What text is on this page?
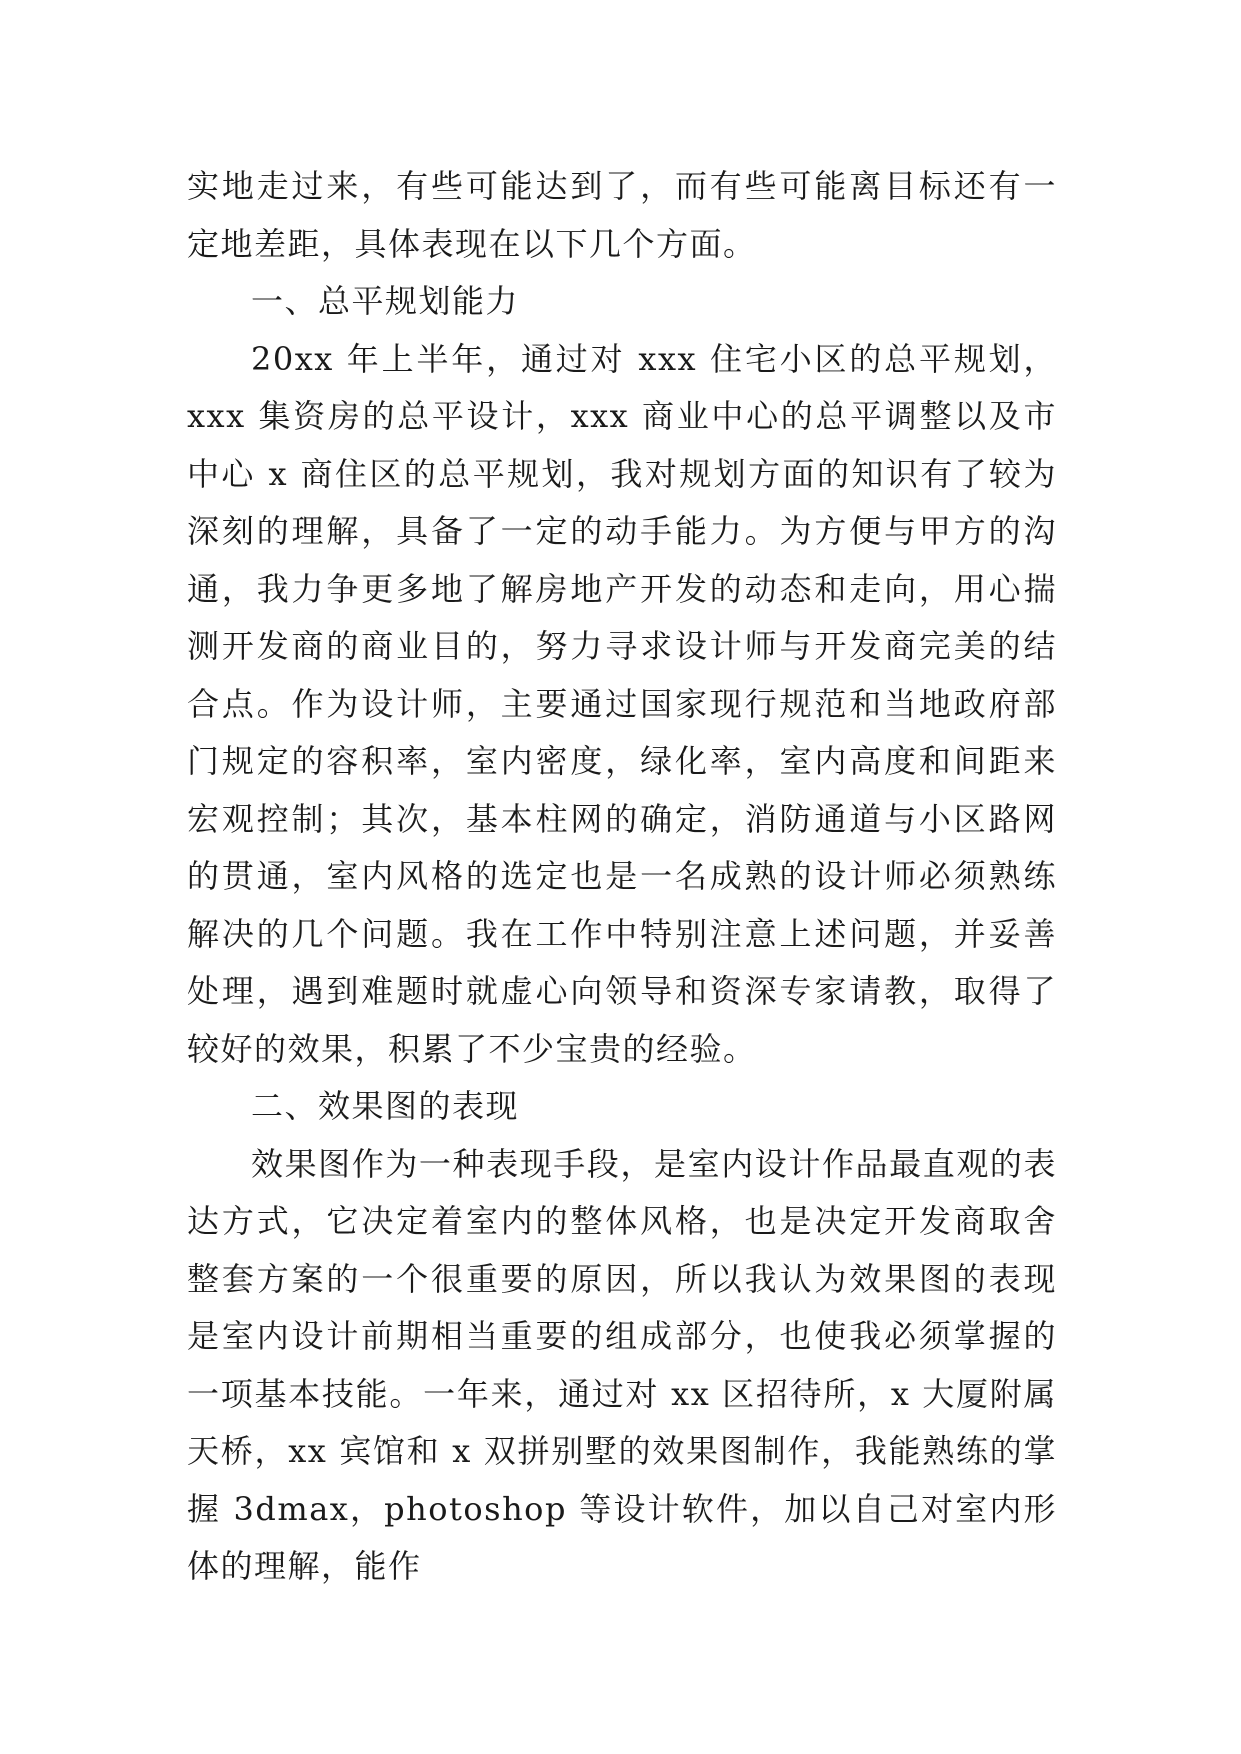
实地走过来，有些可能达到了，而有些可能离目标还有一定地差距，具体表现在以下几个方面。

一、总平规划能力

20xx 年上半年，通过对 xxx 住宅小区的总平规划，xxx 集资房的总平设计，xxx 商业中心的总平调整以及市中心 x 商住区的总平规划，我对规划方面的知识有了较为深刻的理解，具备了一定的动手能力。为方便与甲方的沟通，我力争更多地了解房地产开发的动态和走向，用心揣测开发商的商业目的，努力寻求设计师与开发商完美的结合点。作为设计师，主要通过国家现行规范和当地政府部门规定的容积率，室内密度，绿化率，室内高度和间距来宏观控制；其次，基本柱网的确定，消防通道与小区路网的贯通，室内风格的选定也是一名成熟的设计师必须熟练解决的几个问题。我在工作中特别注意上述问题，并妥善处理，遇到难题时就虚心向领导和资深专家请教，取得了较好的效果，积累了不少宝贵的经验。

二、效果图的表现

效果图作为一种表现手段，是室内设计作品最直观的表达方式，它决定着室内的整体风格，也是决定开发商取舍整套方案的一个很重要的原因，所以我认为效果图的表现是室内设计前期相当重要的组成部分，也使我必须掌握的一项基本技能。一年来，通过对 xx 区招待所，x 大厦附属天桥，xx 宾馆和 x 双拼别墅的效果图制作，我能熟练的掌握 3dmax，photoshop 等设计软件，加以自己对室内形体的理解，能作
